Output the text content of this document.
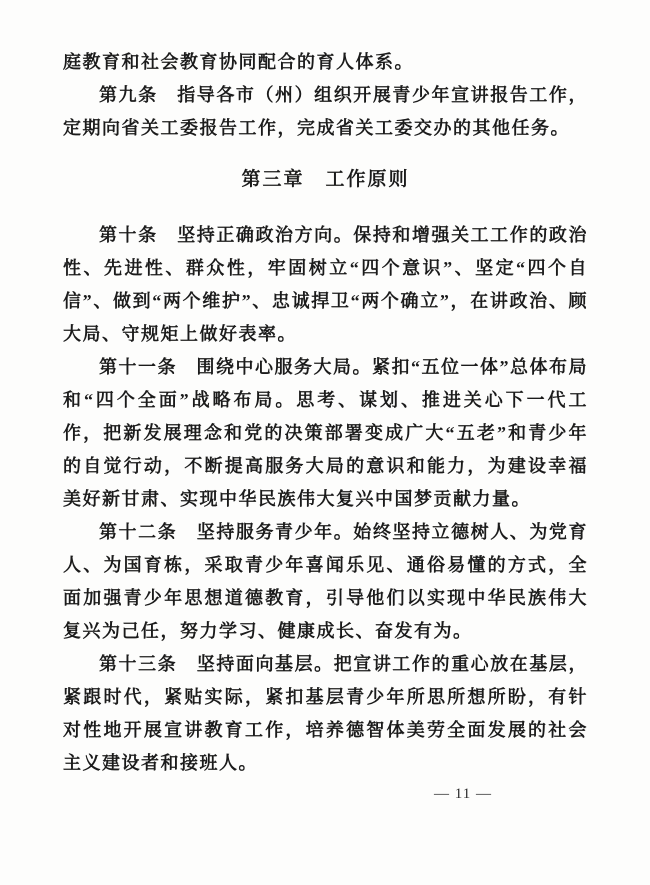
庭教育和社会教育协同配合的育人体系。

第九条　指导各市（州）组织开展青少年宣讲报告工作，定期向省关工委报告工作，完成省关工委交办的其他任务。

第三章　工作原则

第十条　坚持正确政治方向。保持和增强关工工作的政治性、先进性、群众性，牢固树立“四个意识”、坚定“四个自信”、做到“两个维护”、忠诚捍卫“两个确立”，在讲政治、顾大局、守规矩上做好表率。

第十一条　围绕中心服务大局。紧扣“五位一体”总体布局和“四个全面”战略布局。思考、谋划、推进关心下一代工作，把新发展理念和党的决策部署变成广大“五老”和青少年的自觉行动，不断提高服务大局的意识和能力，为建设幸福美好新甘肃、实现中华民族伟大复兴中国梦贡献力量。

第十二条　坚持服务青少年。始终坚持立德树人、为党育人、为国育栋，采取青少年喜闻乐见、通俗易懂的方式，全面加强青少年思想道德教育，引导他们以实现中华民族伟大复兴为己任，努力学习、健康成长、奋发有为。

第十三条　坚持面向基层。把宣讲工作的重心放在基层，紧跟时代，紧贴实际，紧扣基层青少年所思所想所盼，有针对性地开展宣讲教育工作，培养德智体美劳全面发展的社会主义建设者和接班人。

— 11 —
